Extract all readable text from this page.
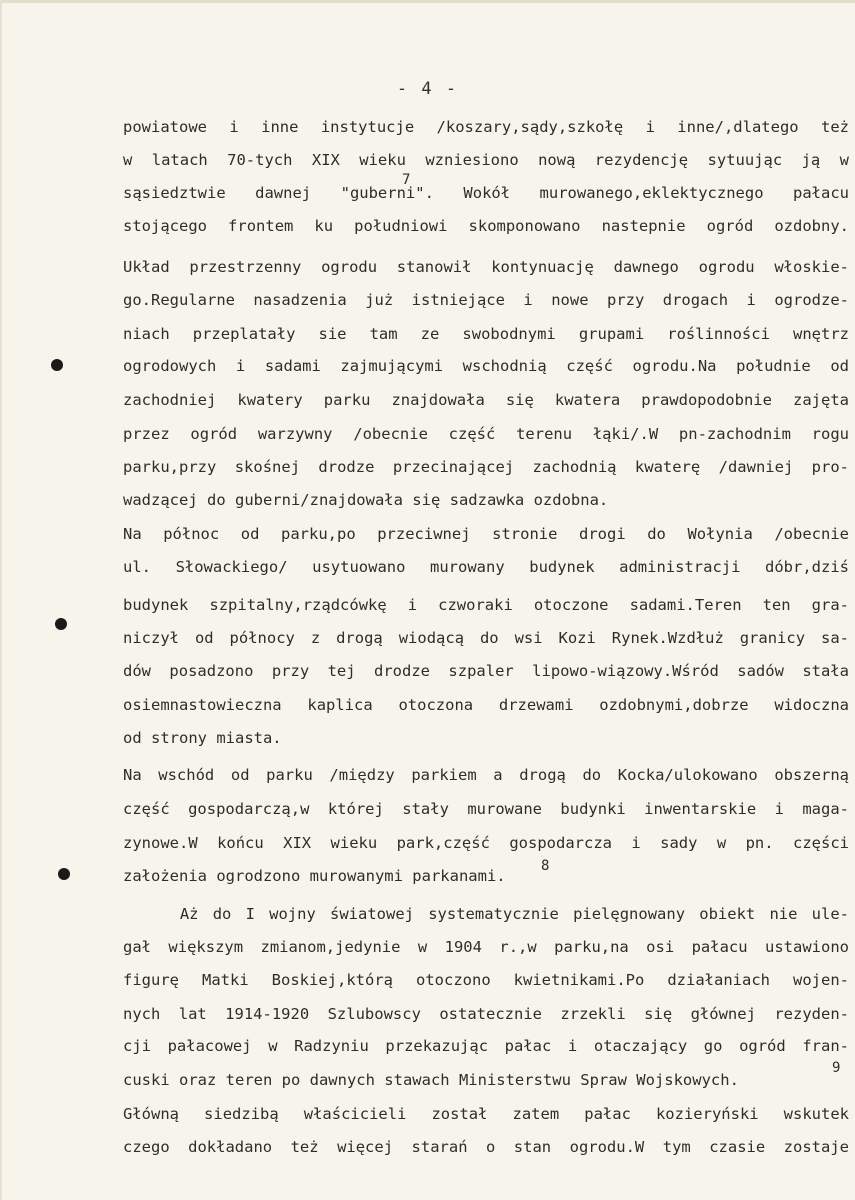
- 4 -
powiatowe i inne instytucje /koszary,sądy,szkołę i inne/,dlatego też
w latach 70-tych XIX wieku wzniesiono nową rezydencję sytuując ją w
sąsiedztwie dawnej "guberni". Wokół murowanego,eklektycznego pałacu
stojącego frontem ku południowi skomponowano nastepnie ogród ozdobny.
Układ przestrzenny ogrodu stanowił kontynuację dawnego ogrodu włoskie-
go.Regularne nasadzenia już istniejące i nowe przy drogach i ogrodze-
niach przeplatały sie tam ze swobodnymi grupami roślinności wnętrz
ogrodowych i sadami zajmującymi wschodnią część ogrodu.Na południe od
zachodniej kwatery parku znajdowała się kwatera prawdopodobnie zajęta
przez ogród warzywny /obecnie część terenu łąki/.W pn-zachodnim rogu
parku,przy skośnej drodze przecinającej zachodnią kwaterę /dawniej pro-
wadzącej do guberni/znajdowała się sadzawka ozdobna.
Na północ od parku,po przeciwnej stronie drogi do Wołynia /obecnie
ul. Słowackiego/ usytuowano murowany budynek administracji dóbr,dziś
budynek szpitalny,rządcówkę i czworaki otoczone sadami.Teren ten gra-
niczył od północy z drogą wiodącą do wsi Kozi Rynek.Wzdłuż granicy sa-
dów posadzono przy tej drodze szpaler lipowo-wiązowy.Wśród sadów stała
osiemnastowieczna kaplica otoczona drzewami ozdobnymi,dobrze widoczna
od strony miasta.
Na wschód od parku /między parkiem a drogą do Kocka/ulokowano obszerną
część gospodarczą,w której stały murowane budynki inwentarskie i maga-
zynowe.W końcu XIX wieku park,część gospodarcza i sady w pn. części
założenia ogrodzono murowanymi parkanami.
Aż do I wojny światowej systematycznie pielęgnowany obiekt nie ule-
gał większym zmianom,jedynie w 1904 r.,w parku,na osi pałacu ustawiono
figurę Matki Boskiej,którą otoczono kwietnikami.Po działaniach wojen-
nych lat 1914-1920 Szlubowscy ostatecznie zrzekli się głównej rezyden-
cji pałacowej w Radzyniu przekazując pałac i otaczający go ogród fran-
cuski oraz teren po dawnych stawach Ministerstwu Spraw Wojskowych.
Główną siedzibą właścicieli został zatem pałac kozieryński wskutek
czego dokładano też więcej starań o stan ogrodu.W tym czasie zostaje
7
8
9
